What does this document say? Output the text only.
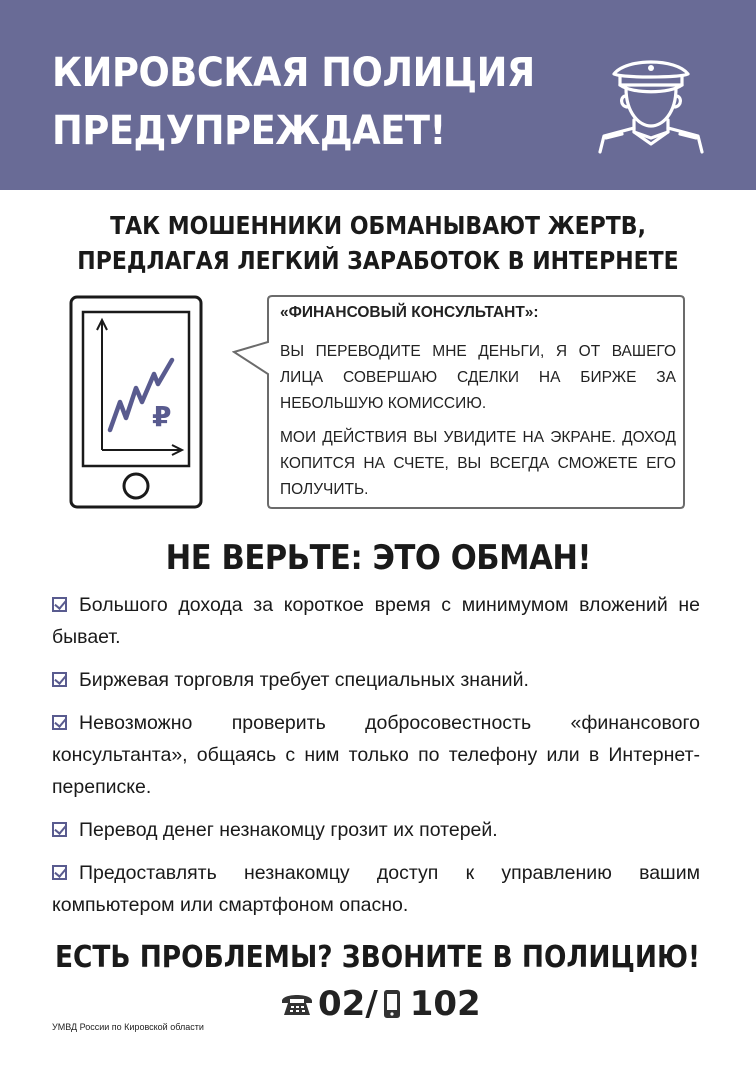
КИРОВСКАЯ ПОЛИЦИЯ
ПРЕДУПРЕЖДАЕТ!
ТАК МОШЕННИКИ ОБМАНЫВАЮТ ЖЕРТВ,
ПРЕДЛАГАЯ ЛЕГКИЙ ЗАРАБОТОК В ИНТЕРНЕТЕ
₽
«ФИНАНСОВЫЙ КОНСУЛЬТАНТ»:
ВЫ ПЕРЕВОДИТЕ МНЕ ДЕНЬГИ, Я ОТ ВАШЕГО ЛИЦА СОВЕРШАЮ СДЕЛКИ НА БИРЖЕ ЗА НЕБОЛЬШУЮ КОМИССИЮ.
МОИ ДЕЙСТВИЯ ВЫ УВИДИТЕ НА ЭКРАНЕ. ДОХОД КОПИТСЯ НА СЧЕТЕ, ВЫ ВСЕГДА СМОЖЕТЕ ЕГО ПОЛУЧИТЬ.
НЕ ВЕРЬТЕ: ЭТО ОБМАН!
Большого дохода за короткое время с минимумом вложений не бывает.
Биржевая торговля требует специальных знаний.
Невозможно проверить добросовестность «финансового консультанта», общаясь с ним только по телефону или в Интернет-переписке.
Перевод денег незнакомцу грозит их потерей.
Предоставлять незнакомцу доступ к управлению вашим компьютером или смартфоном опасно.
ЕСТЬ ПРОБЛЕМЫ? ЗВОНИТЕ В ПОЛИЦИЮ!
02/ 102
УМВД России по Кировской области
